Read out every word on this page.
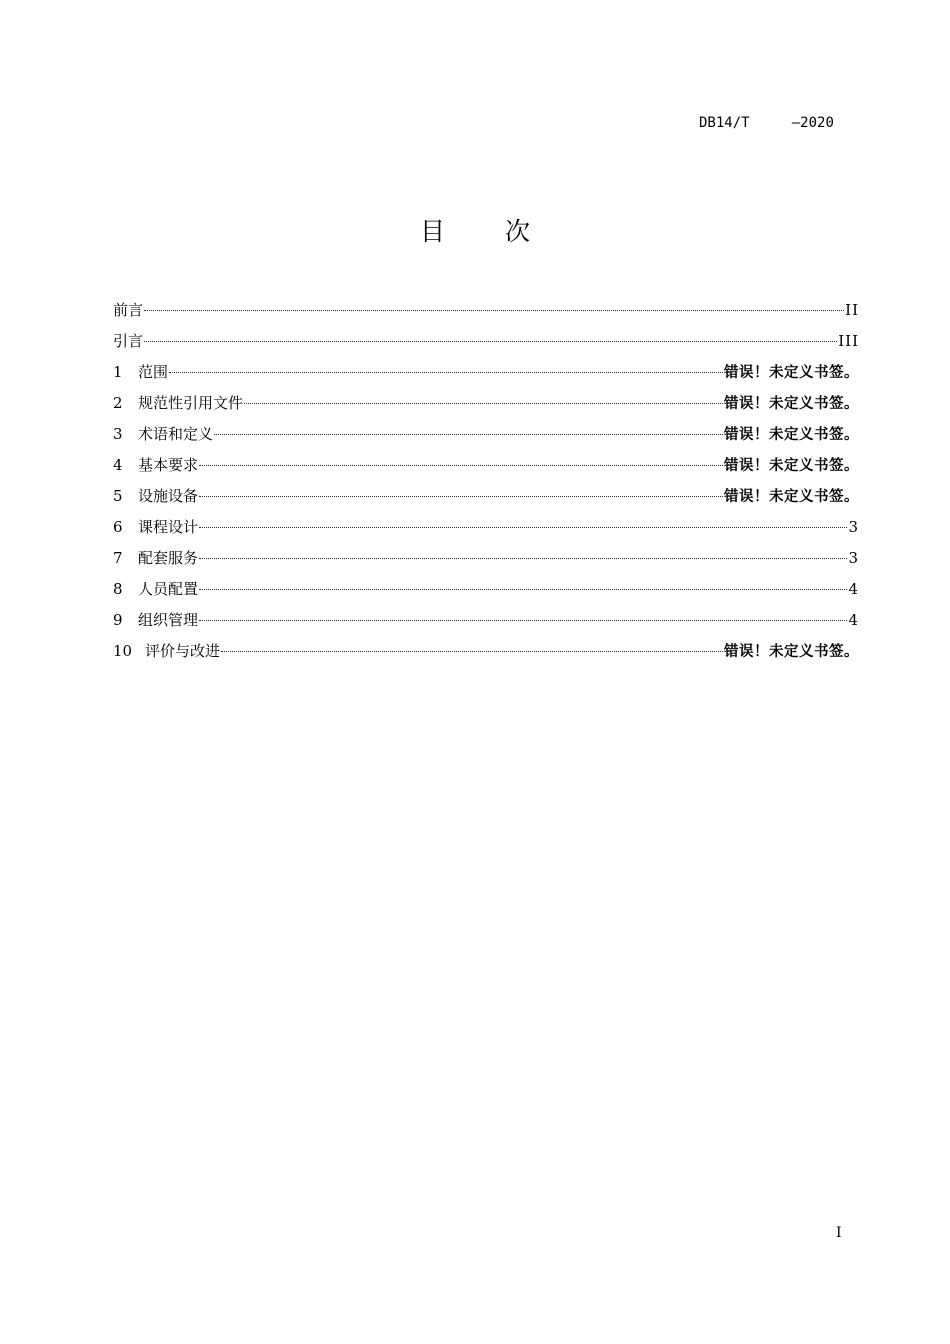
DB14/T	—2020
目次
前言	II
引言	III
1	范围	错误！未定义书签。
2	规范性引用文件	错误！未定义书签。
3	术语和定义	错误！未定义书签。
4	基本要求	错误！未定义书签。
5	设施设备	错误！未定义书签。
6	课程设计	3
7	配套服务	3
8	人员配置	4
9	组织管理	4
10 评价与改进	错误！未定义书签。
I
